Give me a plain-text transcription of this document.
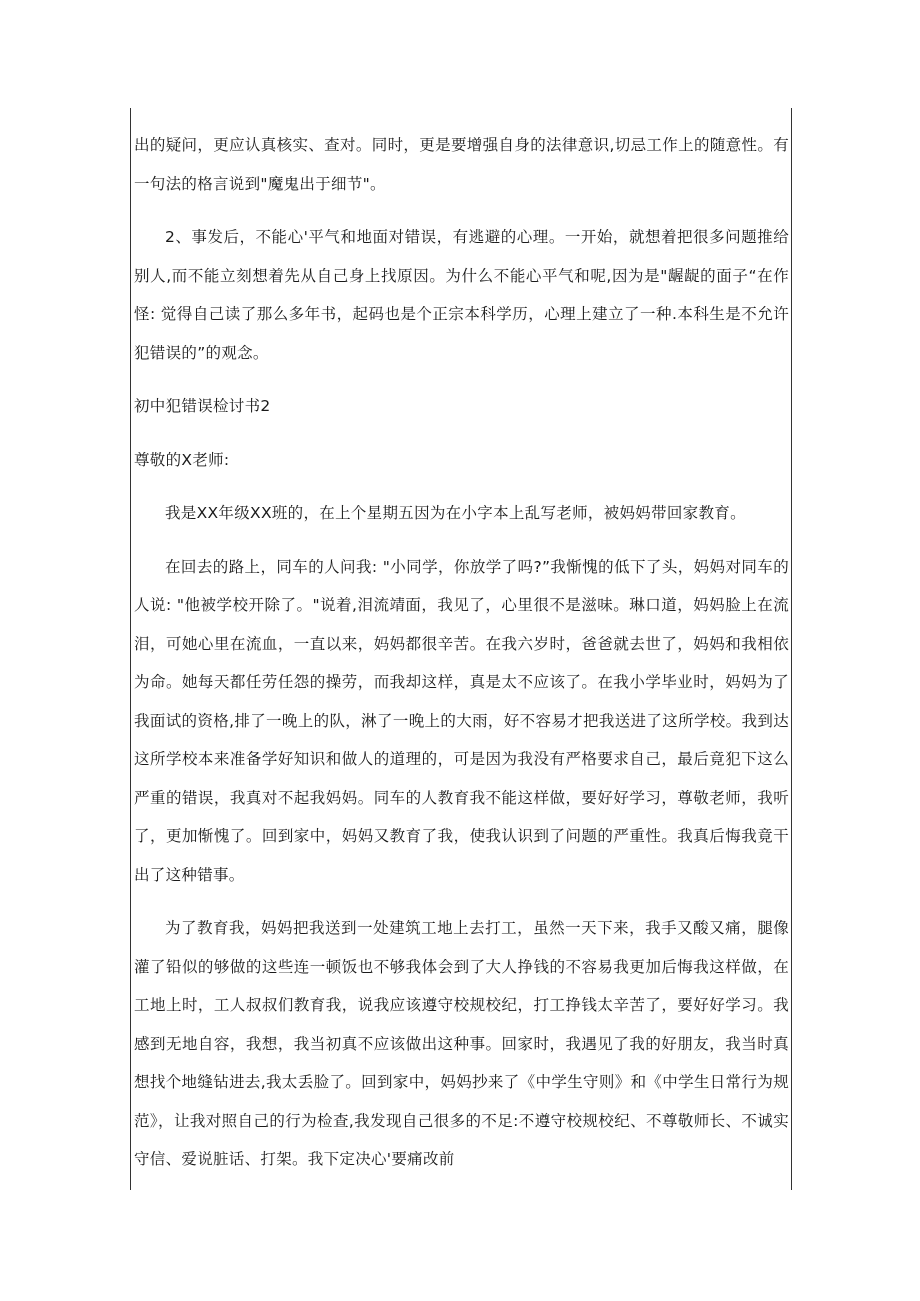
出的疑问，更应认真核实、查对。同时，更是要增强自身的法律意识,切忌工作上的随意性。有一句法的格言说到"魔鬼出于细节"。

2、事发后，不能心'平气和地面对错误，有逃避的心理。一开始，就想着把很多问题推给别人,而不能立刻想着先从自己身上找原因。为什么不能心平气和呢,因为是"龌龊的面子“在作怪: 觉得自己读了那么多年书，起码也是个正宗本科学历，心理上建立了一种.本科生是不允许犯错误的”的观念。

初中犯错误检讨书2
尊敬的X老师:

我是XX年级XX班的，在上个星期五因为在小字本上乱写老师，被妈妈带回家教育。

在回去的路上，同车的人问我: "小同学，你放学了吗?”我惭愧的低下了头，妈妈对同车的人说: "他被学校开除了。"说着,泪流靖面，我见了，心里很不是滋味。琳口道，妈妈脸上在流泪，可她心里在流血，一直以来，妈妈都很辛苦。在我六岁时，爸爸就去世了，妈妈和我相依为命。她每天都任劳任怨的操劳，而我却这样，真是太不应该了。在我小学毕业时，妈妈为了我面试的资格,排了一晚上的队，淋了一晚上的大雨，好不容易才把我送进了这所学校。我到达这所学校本来准备学好知识和做人的道理的，可是因为我没有严格要求自己，最后竟犯下这么严重的错误，我真对不起我妈妈。同车的人教育我不能这样做，要好好学习，尊敬老师，我听了，更加惭愧了。回到家中，妈妈又教育了我，使我认识到了问题的严重性。我真后悔我竟干出了这种错事。

为了教育我，妈妈把我送到一处建筑工地上去打工，虽然一天下来，我手又酸又痛，腿像灌了铅似的够做的这些连一顿饭也不够我体会到了大人挣钱的不容易我更加后悔我这样做，在工地上时，工人叔叔们教育我，说我应该遵守校规校纪，打工挣钱太辛苦了，要好好学习。我感到无地自容，我想，我当初真不应该做出这种事。回家时，我遇见了我的好朋友，我当时真想找个地缝钻进去,我太丢脸了。回到家中，妈妈抄来了《中学生守则》和《中学生日常行为规范》，让我对照自己的行为检查,我发现自己很多的不足:不遵守校规校纪、不尊敬师长、不诚实守信、爱说脏话、打架。我下定决心'要痛改前
